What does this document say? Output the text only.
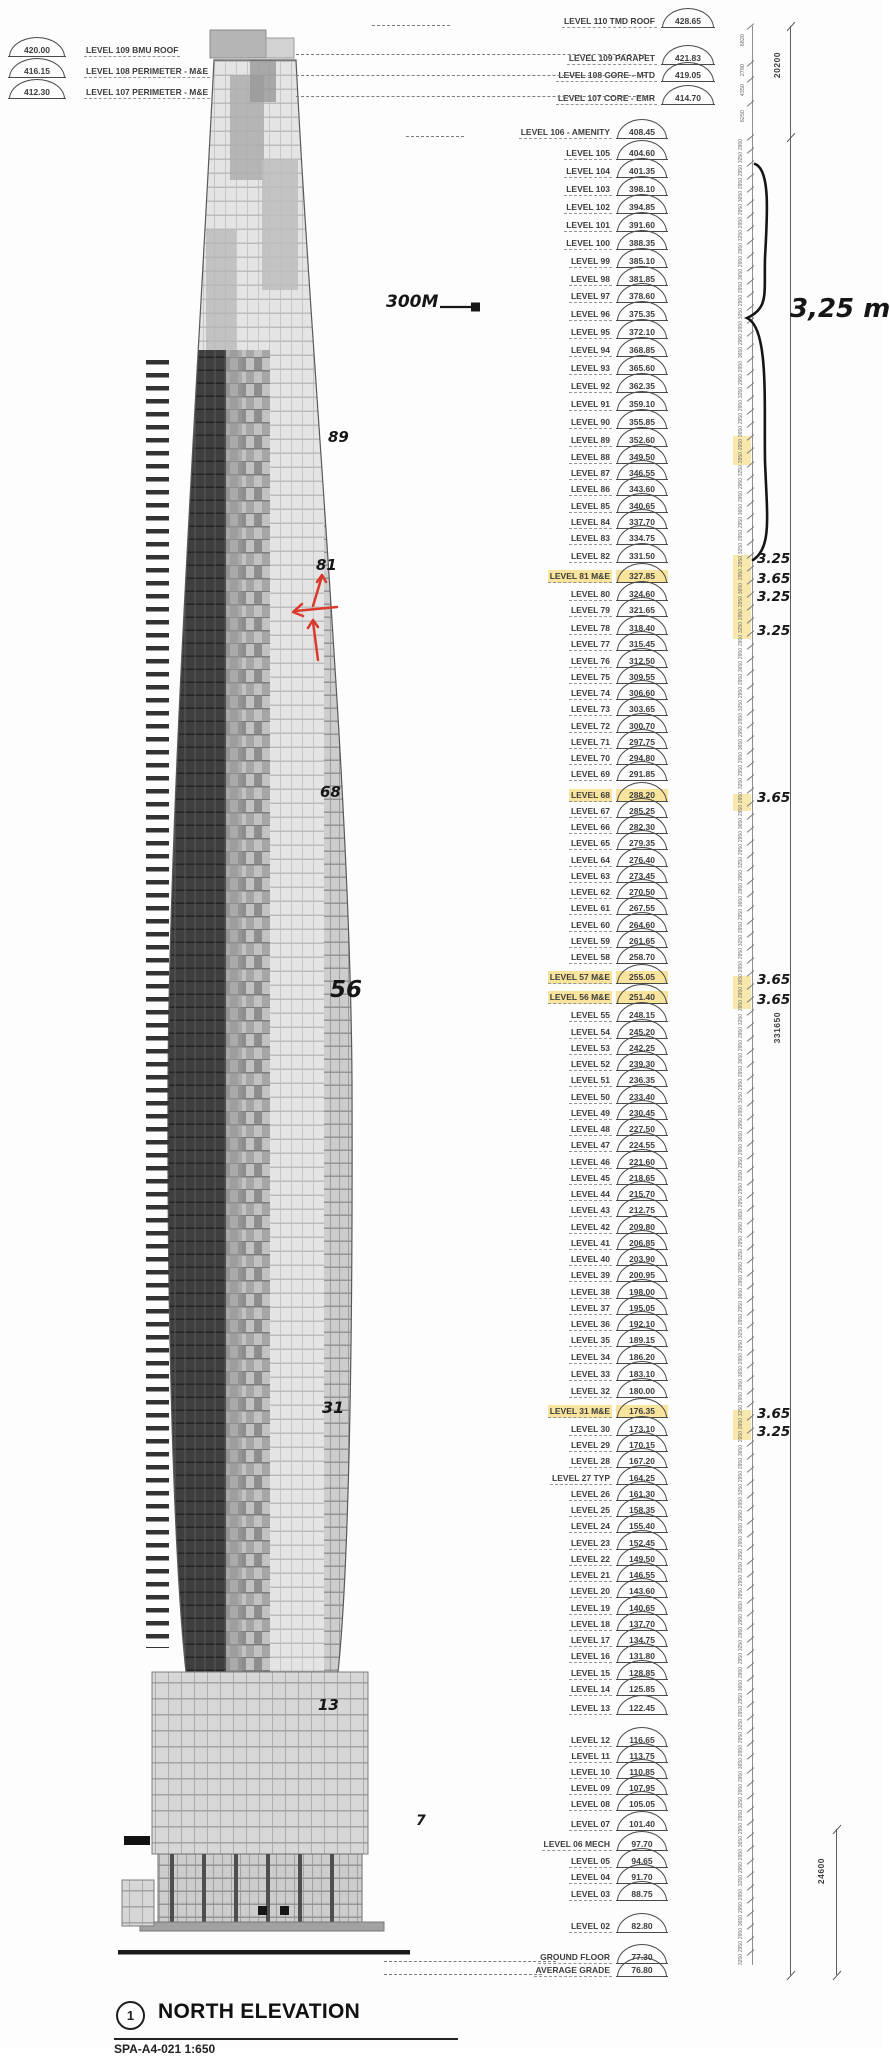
LEVEL 110 TMD ROOF	428.65
LEVEL 109 PARAPET	421.83
LEVEL 108 CORE - MTD	419.05
LEVEL 107 CORE - EMR	414.70
420.00	LEVEL 109 BMU ROOF
416.15	LEVEL 108 PERIMETER - M&E
412.30	LEVEL 107 PERIMETER - M&E
LEVEL 106 - AMENITY	408.45
LEVEL 105	404.60
LEVEL 104	401.35
LEVEL 103	398.10
LEVEL 102	394.85
LEVEL 101	391.60
LEVEL 100	388.35
LEVEL 99	385.10
LEVEL 98	381.85
LEVEL 97	378.60
LEVEL 96	375.35
LEVEL 95	372.10
LEVEL 94	368.85
LEVEL 93	365.60
LEVEL 92	362.35
LEVEL 91	359.10
LEVEL 90	355.85
LEVEL 89	352.60
LEVEL 88	349.50
LEVEL 87	346.55
LEVEL 86	343.60
LEVEL 85	340.65
LEVEL 84	337.70
LEVEL 83	334.75
LEVEL 82	331.50
LEVEL 81 M&E	327.85
LEVEL 80	324.60
LEVEL 79	321.65
LEVEL 78	318.40
LEVEL 77	315.45
LEVEL 76	312.50
LEVEL 75	309.55
LEVEL 74	306.60
LEVEL 73	303.65
LEVEL 72	300.70
LEVEL 71	297.75
LEVEL 70	294.80
LEVEL 69	291.85
LEVEL 68	288.20
LEVEL 67	285.25
LEVEL 66	282.30
LEVEL 65	279.35
LEVEL 64	276.40
LEVEL 63	273.45
LEVEL 62	270.50
LEVEL 61	267.55
LEVEL 60	264.60
LEVEL 59	261.65
LEVEL 58	258.70
LEVEL 57 M&E	255.05
LEVEL 56 M&E	251.40
LEVEL 55	248.15
LEVEL 54	245.20
LEVEL 53	242.25
LEVEL 52	239.30
LEVEL 51	236.35
LEVEL 50	233.40
LEVEL 49	230.45
LEVEL 48	227.50
LEVEL 47	224.55
LEVEL 46	221.60
LEVEL 45	218.65
LEVEL 44	215.70
LEVEL 43	212.75
LEVEL 42	209.80
LEVEL 41	206.85
LEVEL 40	203.90
LEVEL 39	200.95
LEVEL 38	198.00
LEVEL 37	195.05
LEVEL 36	192.10
LEVEL 35	189.15
LEVEL 34	186.20
LEVEL 33	183.10
LEVEL 32	180.00
LEVEL 31 M&E	176.35
LEVEL 30	173.10
LEVEL 29	170.15
LEVEL 28	167.20
LEVEL 27 TYP	164.25
LEVEL 26	161.30
LEVEL 25	158.35
LEVEL 24	155.40
LEVEL 23	152.45
LEVEL 22	149.50
LEVEL 21	146.55
LEVEL 20	143.60
LEVEL 19	140.65
LEVEL 18	137.70
LEVEL 17	134.75
LEVEL 16	131.80
LEVEL 15	128.85
LEVEL 14	125.85
LEVEL 13	122.45
LEVEL 12	116.65
LEVEL 11	113.75
LEVEL 10	110.85
LEVEL 09	107.95
LEVEL 08	105.05
LEVEL 07	101.40
LEVEL 06 MECH	97.70
LEVEL 05	94.65
LEVEL 04	91.70
LEVEL 03	88.75
LEVEL 02	82.80
GROUND FLOOR	77.30
AVERAGE GRADE	76.80
2950
3250
2950
2950
3650
2950
2950
3250
2950
2950
3650
2950
2950
3250
2950
2950
3650
2950
2950
3250
2950
2950
3650
2950
2950
3250
2950
2950
3650
2950
2950
3250
2950
2950
3650
2950
2950
3250
2950
2950
3650
2950
2950
3250
2950
2950
3650
2950
2950
3250
2950
2950
3650
2950
2950
3250
2950
2950
3650
2950
2950
3250
2950
2950
3650
2950
2950
3250
2950
2950
3650
2950
2950
3250
2950
2950
3650
2950
2950
3250
2950
2950
3650
2950
2950
3250
2950
2950
3650
2950
2950
3250
2950
2950
3650
2950
2950
3250
2950
2950
3650
2950
2950
3250
2950
2950
3650
2950
2950
3250
2950
2950
3650
2950
2950
3250
2950
2950
3650
2950
2950
3250
2950
2950
3650
2950
2950
3250
2950
2950
3650
2950
2950
3250
2950
2950
3650
2950
2950
3250
6820
2780
4350
6250
20200
331650
24600
300M	3,25 m
89
81
68
56
31
13
7
3.25
3.65
3.25
3.25
3.65
3.65
3.65
3.65
3.25
1	NORTH ELEVATION
SPA-A4-021 1:650
